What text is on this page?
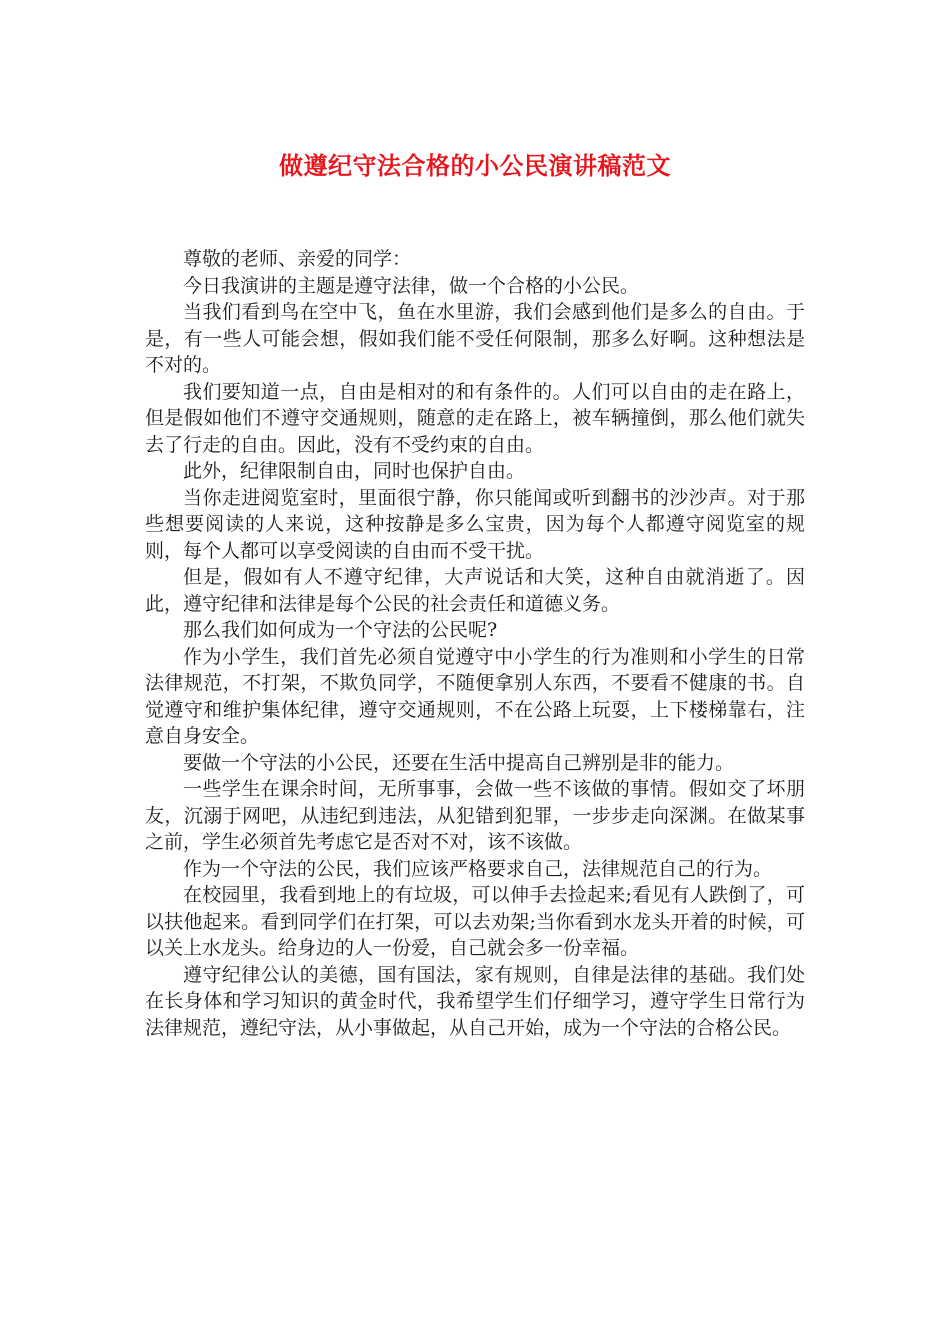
做遵纪守法合格的小公民演讲稿范文

尊敬的老师、亲爱的同学：

今日我演讲的主题是遵守法律，做一个合格的小公民。

当我们看到鸟在空中飞，鱼在水里游，我们会感到他们是多么的自由。于是，有一些人可能会想，假如我们能不受任何限制，那多么好啊。这种想法是不对的。

我们要知道一点，自由是相对的和有条件的。人们可以自由的走在路上，但是假如他们不遵守交通规则，随意的走在路上，被车辆撞倒，那么他们就失去了行走的自由。因此，没有不受约束的自由。

此外，纪律限制自由，同时也保护自由。

当你走进阅览室时，里面很宁静，你只能闻或听到翻书的沙沙声。对于那些想要阅读的人来说，这种按静是多么宝贵，因为每个人都遵守阅览室的规则，每个人都可以享受阅读的自由而不受干扰。

但是，假如有人不遵守纪律，大声说话和大笑，这种自由就消逝了。因此，遵守纪律和法律是每个公民的社会责任和道德义务。

那么我们如何成为一个守法的公民呢?

作为小学生，我们首先必须自觉遵守中小学生的行为准则和小学生的日常法律规范，不打架，不欺负同学，不随便拿别人东西，不要看不健康的书。自觉遵守和维护集体纪律，遵守交通规则，不在公路上玩耍，上下楼梯靠右，注意自身安全。

要做一个守法的小公民，还要在生活中提高自己辨别是非的能力。

一些学生在课余时间，无所事事，会做一些不该做的事情。假如交了坏朋友，沉溺于网吧，从违纪到违法，从犯错到犯罪，一步步走向深渊。在做某事之前，学生必须首先考虑它是否对不对，该不该做。

作为一个守法的公民，我们应该严格要求自己，法律规范自己的行为。

在校园里，我看到地上的有垃圾，可以伸手去捡起来;看见有人跌倒了，可以扶他起来。看到同学们在打架，可以去劝架;当你看到水龙头开着的时候，可以关上水龙头。给身边的人一份爱，自己就会多一份幸福。

遵守纪律公认的美德，国有国法，家有规则，自律是法律的基础。我们处在长身体和学习知识的黄金时代，我希望学生们仔细学习，遵守学生日常行为法律规范，遵纪守法，从小事做起，从自己开始，成为一个守法的合格公民。
